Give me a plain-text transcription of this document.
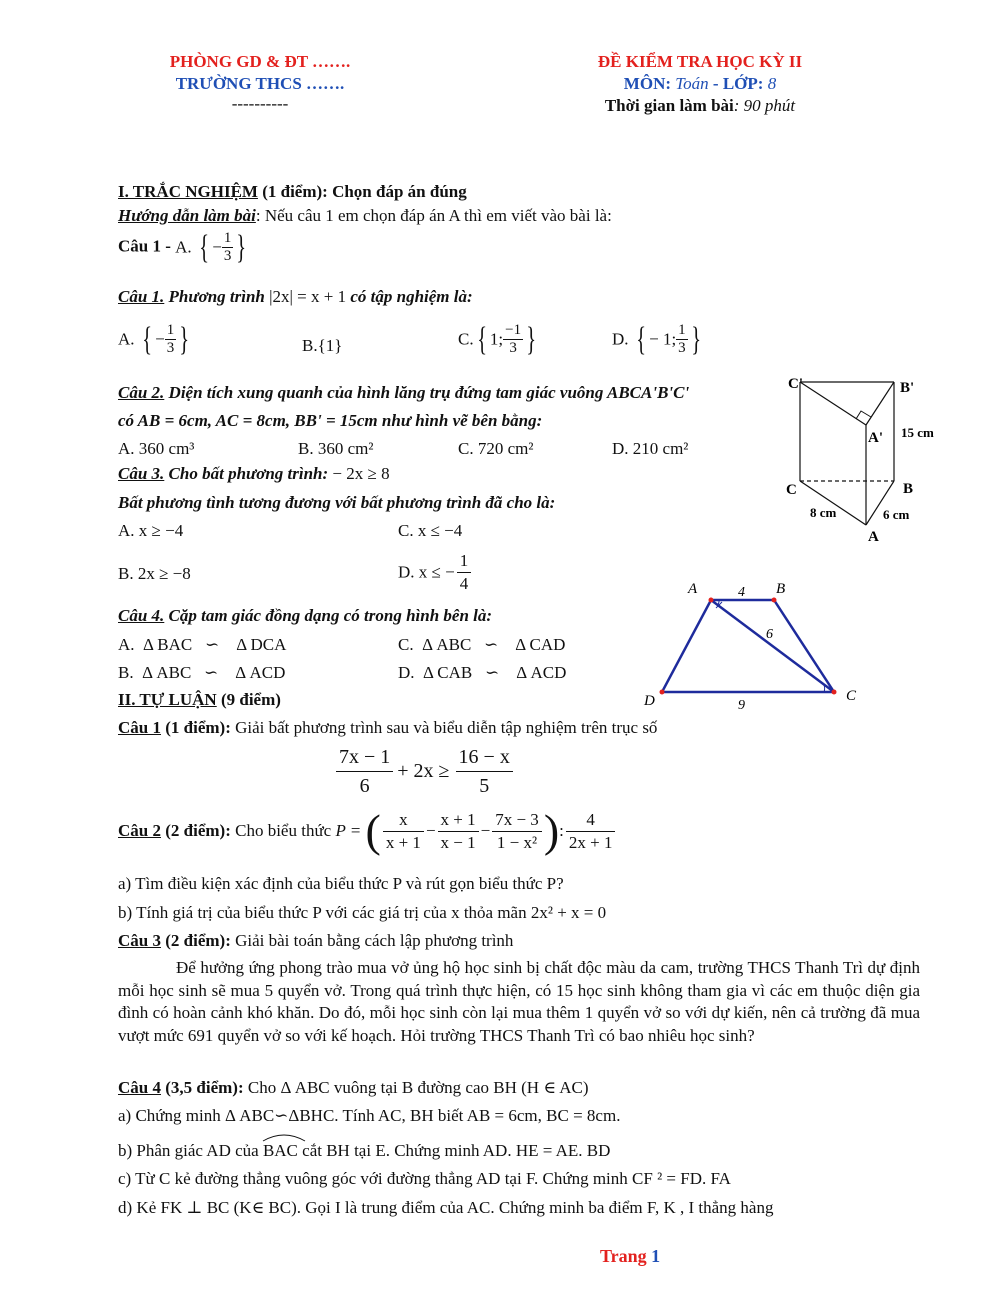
PHÒNG GD & ĐT …….
TRƯỜNG THCS …….
----------
ĐỀ KIỂM TRA HỌC KỲ II
MÔN: Toán - LỚP: 8
Thời gian làm bài: 90 phút
I. TRẮC NGHIỆM (1 điểm): Chọn đáp án đúng
Hướng dẫn làm bài: Nếu câu 1 em chọn đáp án A thì em viết vào bài là:
Câu 1 - A. { − $\frac{1}{3}$ }
Câu 1. Phương trình |2x| = x + 1 có tập nghiệm là:
A. { − $\frac{1}{3}$ }	B.{1}	C.{ 1; $\frac{-1}{3}$ }	D. { − 1; $\frac{1}{3}$ }
Câu 2. Diện tích xung quanh của hình lăng trụ đứng tam giác vuông ABCA'B'C'
có AB = 6cm, AC = 8cm, BB' = 15cm như hình vẽ bên bằng:
A. 360 cm³	B. 360 cm²	C. 720 cm²	D. 210 cm²
Câu 3. Cho bất phương trình: − 2x ≥ 8
Bất phương tình tương đương với bất phương trình đã cho là:
A. x ≥ −4	C. x ≤ −4
B. 2x ≥ −8	D. x ≤ − $\frac{1}{4}$
Câu 4. Cặp tam giác đồng dạng có trong hình bên là:
A.  Δ BAC   ∽    Δ DCA	C.  Δ ABC   ∽    Δ CAD
B.  Δ ABC   ∽    Δ ACD	D.  Δ CAB   ∽    Δ ACD
C'	B'
A' 15 cm
C	B
8 cm	6 cm
A
A	B
4
6
D	C
9
II. TỰ LUẬN (9 điểm)
Câu 1 (1 điểm): Giải bất phương trình sau và biểu diễn tập nghiệm trên trục số
$\frac{7x - 1}{6} + 2x \ge \frac{16 - x}{5}$
Câu 2 (2 điểm): Cho biểu thức P = ( $\frac{x}{x + 1} - \frac{x + 1}{x - 1} - \frac{7x - 3}{\text{1 − x²}}$ ): $\frac{4}{2x + 1}$
a) Tìm điều kiện xác định của biểu thức P và rút gọn biểu thức P?
b) Tính giá trị của biểu thức P với các giá trị của x thỏa mãn 2x² + x = 0
Câu 3 (2 điểm): Giải bài toán bằng cách lập phương trình
Để hưởng ứng phong trào mua vở ủng hộ học sinh bị chất độc màu da cam, trường THCS Thanh Trì dự định mỗi học sinh sẽ mua 5 quyển vở. Trong quá trình thực hiện, có 15 học sinh không tham gia vì các em thuộc diện gia đình có hoàn cảnh khó khăn. Do đó, mỗi học sinh còn lại mua thêm 1 quyển vở so với dự kiến, nên cả trường đã mua vượt mức 691 quyển vở so với kế hoạch. Hỏi trường THCS Thanh Trì có bao nhiêu học sinh?
Câu 4 (3,5 điểm): Cho Δ ABC vuông tại B đường cao BH (H ∈ AC)
a) Chứng minh Δ ABC∽ΔBHC. Tính AC, BH biết AB = 6cm, BC = 8cm.
b) Phân giác AD của
BAC cắt BH tại E. Chứng minh AD. HE = AE. BD
c) Từ C kẻ đường thẳng vuông góc với đường thẳng AD tại F. Chứng minh CF ² = FD. FA
d) Kẻ FK ⊥ BC (K∈ BC). Gọi I là trung điểm của AC. Chứng minh ba điểm F, K , I thẳng hàng
Trang 1
